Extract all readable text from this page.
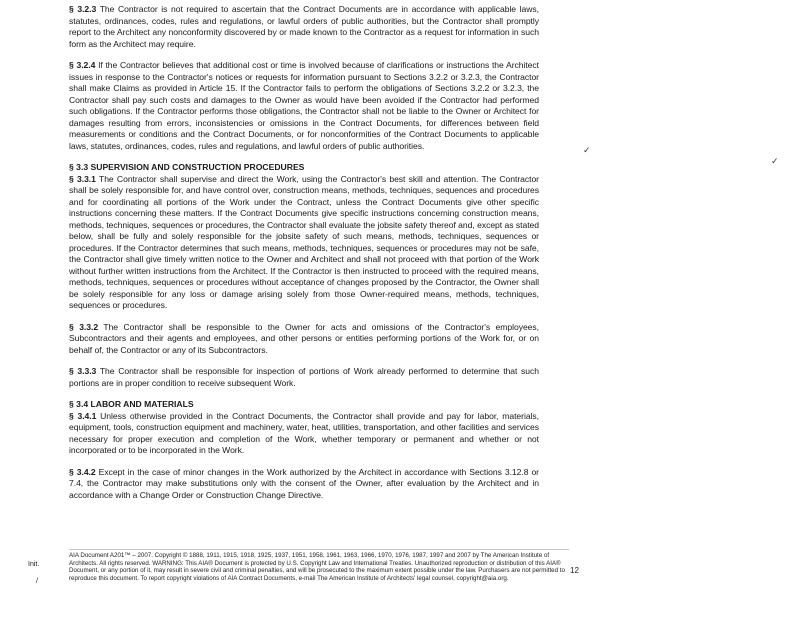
§ 3.2.3 The Contractor is not required to ascertain that the Contract Documents are in accordance with applicable laws, statutes, ordinances, codes, rules and regulations, or lawful orders of public authorities, but the Contractor shall promptly report to the Architect any nonconformity discovered by or made known to the Contractor as a request for information in such form as the Architect may require.

§ 3.2.4 If the Contractor believes that additional cost or time is involved because of clarifications or instructions the Architect issues in response to the Contractor's notices or requests for information pursuant to Sections 3.2.2 or 3.2.3, the Contractor shall make Claims as provided in Article 15. If the Contractor fails to perform the obligations of Sections 3.2.2 or 3.2.3, the Contractor shall pay such costs and damages to the Owner as would have been avoided if the Contractor had performed such obligations. If the Contractor performs those obligations, the Contractor shall not be liable to the Owner or Architect for damages resulting from errors, inconsistencies or omissions in the Contract Documents, for differences between field measurements or conditions and the Contract Documents, or for nonconformities of the Contract Documents to applicable laws, statutes, ordinances, codes, rules and regulations, and lawful orders of public authorities.

§ 3.3 SUPERVISION AND CONSTRUCTION PROCEDURES

§ 3.3.1 The Contractor shall supervise and direct the Work, using the Contractor's best skill and attention. The Contractor shall be solely responsible for, and have control over, construction means, methods, techniques, sequences and procedures and for coordinating all portions of the Work under the Contract, unless the Contract Documents give other specific instructions concerning these matters. If the Contract Documents give specific instructions concerning construction means, methods, techniques, sequences or procedures, the Contractor shall evaluate the jobsite safety thereof and, except as stated below, shall be fully and solely responsible for the jobsite safety of such means, methods, techniques, sequences or procedures. If the Contractor determines that such means, methods, techniques, sequences or procedures may not be safe, the Contractor shall give timely written notice to the Owner and Architect and shall not proceed with that portion of the Work without further written instructions from the Architect. If the Contractor is then instructed to proceed with the required means, methods, techniques, sequences or procedures without acceptance of changes proposed by the Contractor, the Owner shall be solely responsible for any loss or damage arising solely from those Owner-required means, methods, techniques, sequences or procedures.

§ 3.3.2 The Contractor shall be responsible to the Owner for acts and omissions of the Contractor's employees, Subcontractors and their agents and employees, and other persons or entities performing portions of the Work for, or on behalf of, the Contractor or any of its Subcontractors.

§ 3.3.3 The Contractor shall be responsible for inspection of portions of Work already performed to determine that such portions are in proper condition to receive subsequent Work.

§ 3.4 LABOR AND MATERIALS

§ 3.4.1 Unless otherwise provided in the Contract Documents, the Contractor shall provide and pay for labor, materials, equipment, tools, construction equipment and machinery, water, heat, utilities, transportation, and other facilities and services necessary for proper execution and completion of the Work, whether temporary or permanent and whether or not incorporated or to be incorporated in the Work.

§ 3.4.2 Except in the case of minor changes in the Work authorized by the Architect in accordance with Sections 3.12.8 or 7.4, the Contractor may make substitutions only with the consent of the Owner, after evaluation by the Architect and in accordance with a Change Order or Construction Change Directive.

✓
✓

AIA Document A201™ – 2007. Copyright © 1888, 1911, 1915, 1918, 1925, 1937, 1951, 1958, 1961, 1963, 1966, 1970, 1976, 1987, 1997 and 2007 by The American Institute of Architects. All rights reserved. WARNING: This AIA® Document is protected by U.S. Copyright Law and International Treaties. Unauthorized reproduction or distribution of this AIA® Document, or any portion of it, may result in severe civil and criminal penalties, and will be prosecuted to the maximum extent possible under the law. Purchasers are not permitted to reproduce this document. To report copyright violations of AIA Contract Documents, e-mail The American Institute of Architects' legal counsel, copyright@aia.org.

Init.
/
12
